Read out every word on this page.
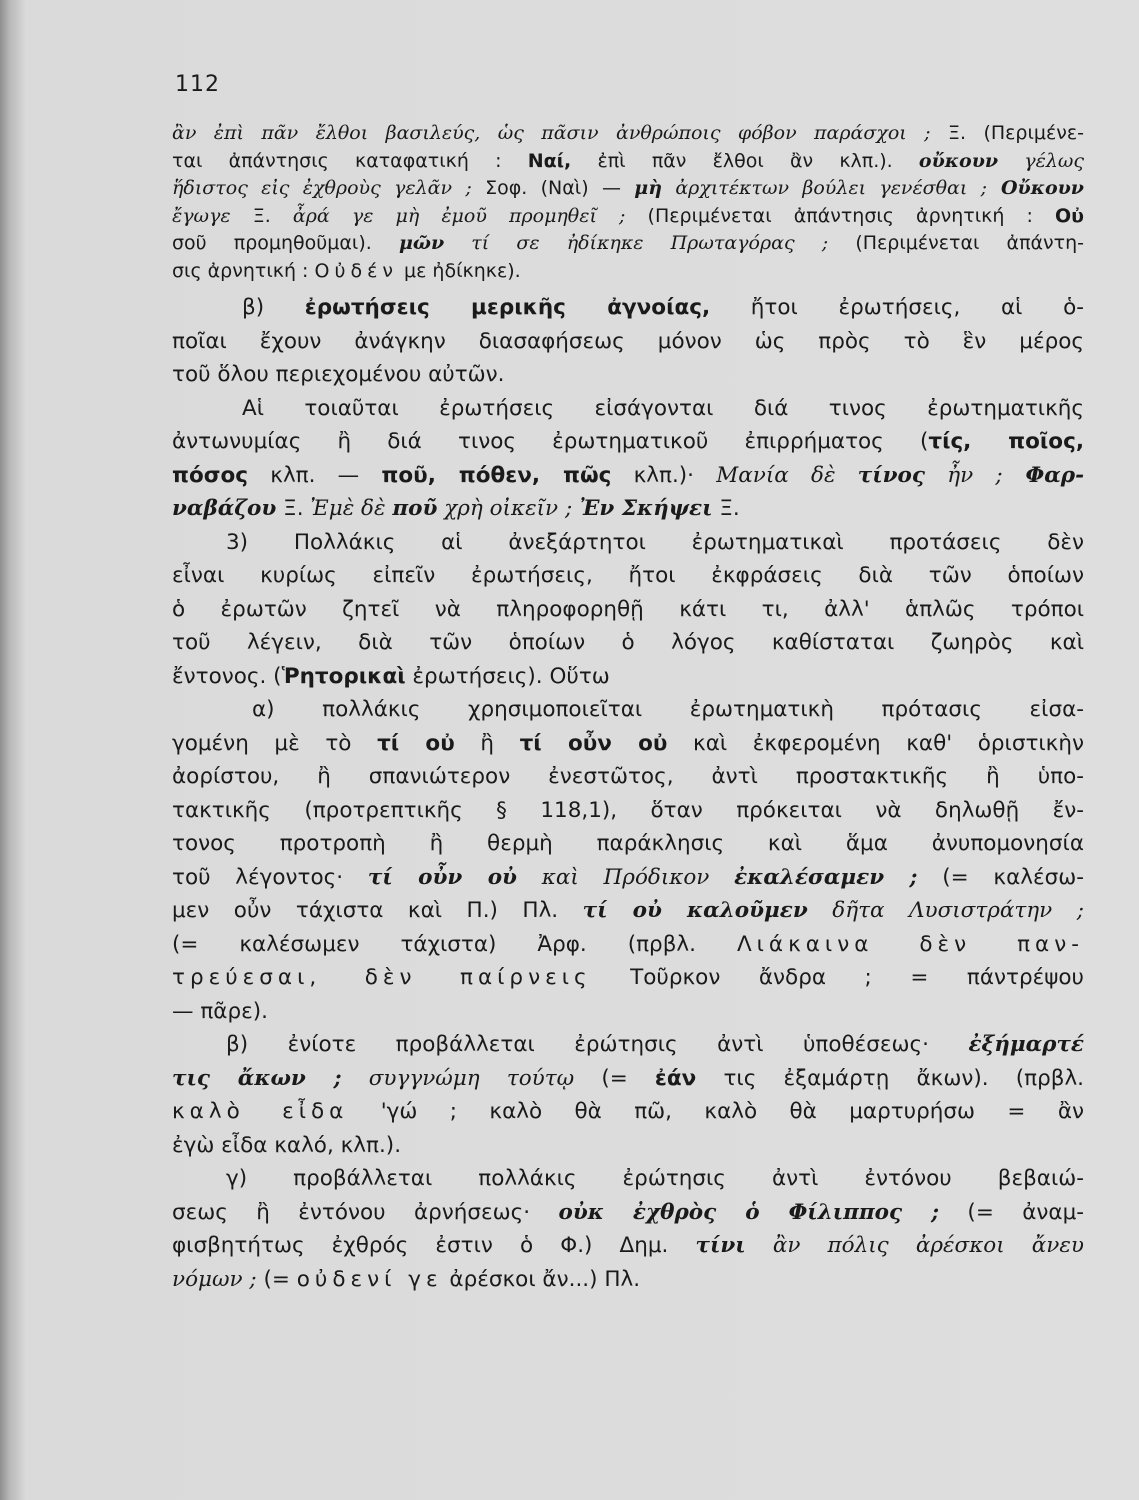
112
ἂν ἐπὶ πᾶν ἔλθοι βασιλεύς, ὡς πᾶσιν ἀνθρώποις φόβον παράσχοι ; Ξ. (Περιμένε-
ται ἀπάντησις καταφατική : Ναί, ἐπὶ πᾶν ἔλθοι ἂν κλπ.). οὔκουν γέλως
ἥδιστος εἰς ἐχθροὺς γελᾶν ; Σοφ. (Ναὶ) — μὴ ἀρχιτέκτων βούλει γενέσθαι ; Οὔκουν
ἔγωγε Ξ. ἆρά γε μὴ ἐμοῦ προμηθεῖ ; (Περιμένεται ἀπάντησις ἀρνητική : Οὐ
σοῦ προμηθοῦμαι). μῶν τί σε ἠδίκηκε Πρωταγόρας ; (Περιμένεται ἀπάντη-
σις ἀρνητική : Οὐδέν με ἠδίκηκε).
β) ἐρωτήσεις μερικῆς ἀγνοίας, ἤτοι ἐρωτήσεις, αἱ ὁ-
ποῖαι ἔχουν ἀνάγκην διασαφήσεως μόνον ὡς πρὸς τὸ ἓν μέρος
τοῦ ὅλου περιεχομένου αὐτῶν.
Αἱ τοιαῦται ἐρωτήσεις εἰσάγονται διά τινος ἐρωτηματικῆς
ἀντωνυμίας ἢ διά τινος ἐρωτηματικοῦ ἐπιρρήματος (τίς, ποῖος,
πόσος κλπ. — ποῦ, πόθεν, πῶς κλπ.)· Μανία δὲ τίνος ἦν ; Φαρ-
ναβάζου Ξ. Ἐμὲ δὲ ποῦ χρὴ οἰκεῖν ; Ἐν Σκήψει Ξ.
3) Πολλάκις αἱ ἀνεξάρτητοι ἐρωτηματικαὶ προτάσεις δὲν
εἶναι κυρίως εἰπεῖν ἐρωτήσεις, ἤτοι ἐκφράσεις διὰ τῶν ὁποίων
ὁ ἐρωτῶν ζητεῖ νὰ πληροφορηθῇ κάτι τι, ἀλλ' ἁπλῶς τρόποι
τοῦ λέγειν, διὰ τῶν ὁποίων ὁ λόγος καθίσταται ζωηρὸς καὶ
ἔντονος. (Ῥητορικαὶ ἐρωτήσεις). Οὕτω
α) πολλάκις χρησιμοποιεῖται ἐρωτηματικὴ πρότασις εἰσα-
γομένη μὲ τὸ τί οὐ ἢ τί οὖν οὐ καὶ ἐκφερομένη καθ' ὁριστικὴν
ἀορίστου, ἢ σπανιώτερον ἐνεστῶτος, ἀντὶ προστακτικῆς ἢ ὑπο-
τακτικῆς (προτρεπτικῆς § 118,1), ὅταν πρόκειται νὰ δηλωθῇ ἔν-
τονος προτροπὴ ἢ θερμὴ παράκλησις καὶ ἅμα ἀνυπομονησία
τοῦ λέγοντος· τί οὖν οὐ καὶ Πρόδικον ἐκαλέσαμεν ; (= καλέσω-
μεν οὖν τάχιστα καὶ Π.) Πλ. τί οὐ καλοῦμεν δῆτα Λυσιστράτην ;
(= καλέσωμεν τάχιστα) Ἀρφ. (πρβλ. Λιάκαινα δὲν παν-
τρεύεσαι, δὲν παίρνεις Τοῦρκον ἄνδρα ; = πάντρέψου
— πᾶρε).
β) ἐνίοτε προβάλλεται ἐρώτησις ἀντὶ ὑποθέσεως· ἐξήμαρτέ
τις ἄκων ; συγγνώμη τούτῳ (= ἐάν τις ἐξαμάρτῃ ἄκων). (πρβλ.
καλὸ εἶδα 'γώ ; καλὸ θὰ πῶ, καλὸ θὰ μαρτυρήσω = ἂν
ἐγὼ εἶδα καλό, κλπ.).
γ) προβάλλεται πολλάκις ἐρώτησις ἀντὶ ἐντόνου βεβαιώ-
σεως ἢ ἐντόνου ἀρνήσεως· οὐκ ἐχθρὸς ὁ Φίλιππος ; (= ἀναμ-
φισβητήτως ἐχθρός ἐστιν ὁ Φ.) Δημ. τίνι ἂν πόλις ἀρέσκοι ἄνευ
νόμων ; (= οὐδενί γε ἀρέσκοι ἄν...) Πλ.
